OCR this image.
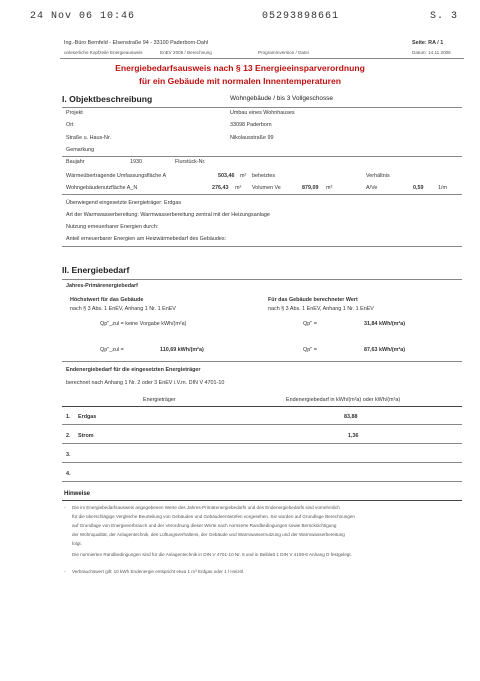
24 Nov 06 10:46	05293898661	S. 3
Ing.-Büro Bernfeld - Elsenstraße 94 - 33100 Paderborn-Dahl	Seite: RA / 1
unleserliche Kopfzeile Energieausweis	EnEV 2006 / Berechnung	Programmversion / Datei	Datum: 14.11.2006
Energiebedarfsausweis nach § 13 Energieeinsparverordnung
für ein Gebäude mit normalen Innentemperaturen
I. Objektbeschreibung	Wohngebäude / bis 3 Vollgeschosse
Projekt	Umbau eines Wohnhauses
Ort	33098 Paderborn
Straße u. Haus-Nr.	Nikolausstraße 99
Gemarkung
Baujahr	1930	Flurstück-Nr.
Wärmeübertragende Umfassungsfläche A	503,46 m² beheiztes	Verhältnis
Wohngebäudenutzfläche A_N	276,43 m² Volumen Ve	879,09 m³	A/Ve	0,59	1/m
Überwiegend eingesetzte Energieträger: Erdgas
Art der Warmwasserbereitung: Warmwasserbereitung zentral mit der Heizungsanlage
Nutzung erneuerbarer Energien durch:
Anteil erneuerbarer Energien am Heizwärmebedarf des Gebäudes:
II. Energiebedarf
Jahres-Primärenergiebedarf
Höchstwert für das Gebäude
nach § 3 Abs. 1 EnEV, Anhang 1 Nr. 1 EnEV
Für das Gebäude berechneter Wert
nach § 3 Abs. 1 EnEV, Anhang 1 Nr. 1 EnEV
Qp''_zul = keine Vorgabe kWh/(m²a)	Qp'' =	31,84 kWh/(m²a)
Qp''_zul =	110,69 kWh/(m²a)	Qp'' =	87,63 kWh/(m²a)
Endenergiebedarf für die eingesetzten Energieträger
berechnet nach Anhang 1 Nr. 2 oder 3 EnEV i.V.m. DIN V 4701-10
Energieträger	Endenergiebedarf in kWh/(m²a) oder kWh/(m³a)
1. Erdgas	83,88
2. Strom	1,36
3.
4.
Hinweise
- Die im Energiebedarfsausweis angegebenen Werte des Jahres-Primärenergiebedarfs und des Endenergiebedarfs sind vornehmlich
für die überschlägige Vergleiche Beurteilung von Gebäuden und Gebäudeentwürfen vorgesehen. Sie wurden auf Grundlage Berechnungen
auf Grundlage von Energieverbrauch und der Verordnung dieser Werte nach normierte Randbedingungen sowie Berücksichtigung
der Wohnqualität, der Anlagentechnik, des Lüftungsverhaltens, der Gebäude und Warmwassernutzung und der Warmwasserbereitung
folgt.
Die normierten Randbedingungen sind für die Anlagentechnik in DIN V 4701-10 Nr. 5 und in Beiblatt 1 DIN V 4108-6 Anhang D festgelegt.
- Verbrauchswert gilt: 10 kWh Endenergie entspricht etwa 1 m³ Erdgas oder 1 l Heizöl.
